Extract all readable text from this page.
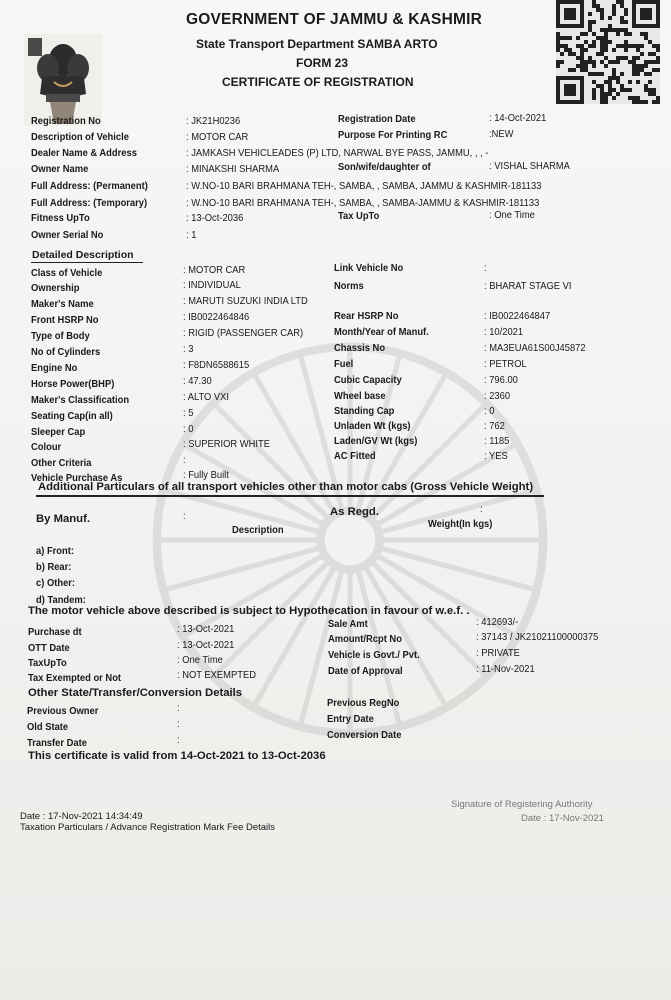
GOVERNMENT OF JAMMU & KASHMIR
State Transport Department SAMBA ARTO
FORM 23
CERTIFICATE OF REGISTRATION
Registration No	: JK21H0236	Registration Date	: 14-Oct-2021
Description of Vehicle	: MOTOR CAR	Purpose For Printing RC	:NEW
Dealer Name & Address	: JAMKASH VEHICLEADES (P) LTD, NARWAL BYE PASS, JAMMU, , , -
Owner Name	: MINAKSHI SHARMA	Son/wife/daughter of	: VISHAL SHARMA
Full Address: (Permanent)	: W.NO-10 BARI BRAHMANA TEH-, SAMBA, , SAMBA, JAMMU & KASHMIR-181133
Full Address: (Temporary)	: W.NO-10 BARI BRAHMANA TEH-, SAMBA, , SAMBA-JAMMU & KASHMIR-181133
Fitness UpTo	: 13-Oct-2036	Tax UpTo	: One Time
Owner Serial No	: 1
Detailed Description
Class of Vehicle	: MOTOR CAR
Ownership	: INDIVIDUAL
Maker's Name	: MARUTI SUZUKI INDIA LTD
Front HSRP No	: IB0022464846
Type of Body	: RIGID (PASSENGER CAR)
No of Cylinders	: 3
Engine No	: F8DN6588615
Horse Power(BHP)	: 47.30
Maker's Classification	: ALTO VXI
Seating Cap(in all)	: 5
Sleeper Cap	: 0
Colour	: SUPERIOR WHITE
Other Criteria	:
Vehicle Purchase As	: Fully Built
Link Vehicle No	:
Norms	: BHARAT STAGE VI
Rear HSRP No	: IB0022464847
Month/Year of Manuf.	: 10/2021
Chassis No	: MA3EUA61S00J45872
Fuel	: PETROL
Cubic Capacity	: 796.00
Wheel base	: 2360
Standing Cap	: 0
Unladen Wt (kgs)	: 762
Laden/GV Wt (kgs)	: 1185
AC Fitted	: YES
Additional Particulars of all transport vehicles other than motor cabs (Gross Vehicle Weight)
By Manuf.	:	As Regd.	:
Description
Weight(In kgs)
a) Front:
b) Rear:
c) Other:
d) Tandem:
The motor vehicle above described is subject to Hypothecation in favour of w.e.f. .
Purchase dt	: 13-Oct-2021
OTT Date	: 13-Oct-2021
TaxUpTo	: One Time
Tax Exempted or Not	: NOT EXEMPTED
Sale Amt	: 412693/-
Amount/Rcpt No	: 37143 / JK21021100000375
Vehicle is Govt./ Pvt.	: PRIVATE
Date of Approval	: 11-Nov-2021
Other State/Transfer/Conversion Details
Previous Owner	:
Old State	:
Transfer Date	:
Previous RegNo
Entry Date
Conversion Date
This certificate is valid from 14-Oct-2021 to 13-Oct-2036
Date : 17-Nov-2021 14:34:49
Taxation Particulars / Advance Registration Mark Fee Details
Signature of Registering Authority
Date : 17-Nov-2021
